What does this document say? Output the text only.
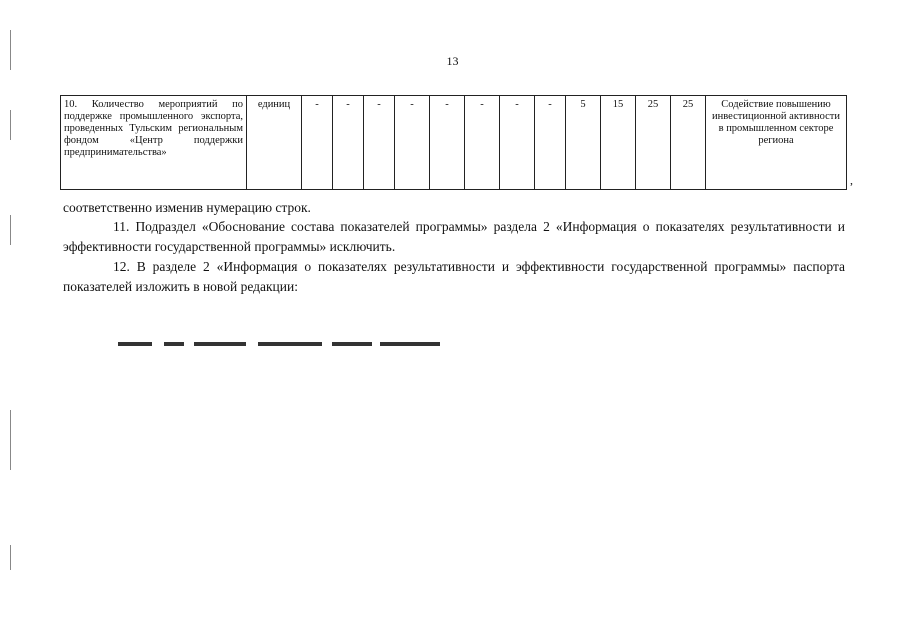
13
10. Количество мероприятий по поддержке промышленного экспорта, проведенных Тульским региональным фондом «Центр поддержки предпринимательства»	единиц	-	-	-	-	-	-	-	-	5	15	25	25	Содействие повышению инвестиционной активности в промышленном секторе региона
,
соответственно изменив нумерацию строк.
11. Подраздел «Обоснование состава показателей программы» раздела 2 «Информация о показателях результативности и эффективности государственной программы» исключить.
12. В разделе 2 «Информация о показателях результативности и эффективности государственной программы» паспорта показателей изложить в новой редакции:
